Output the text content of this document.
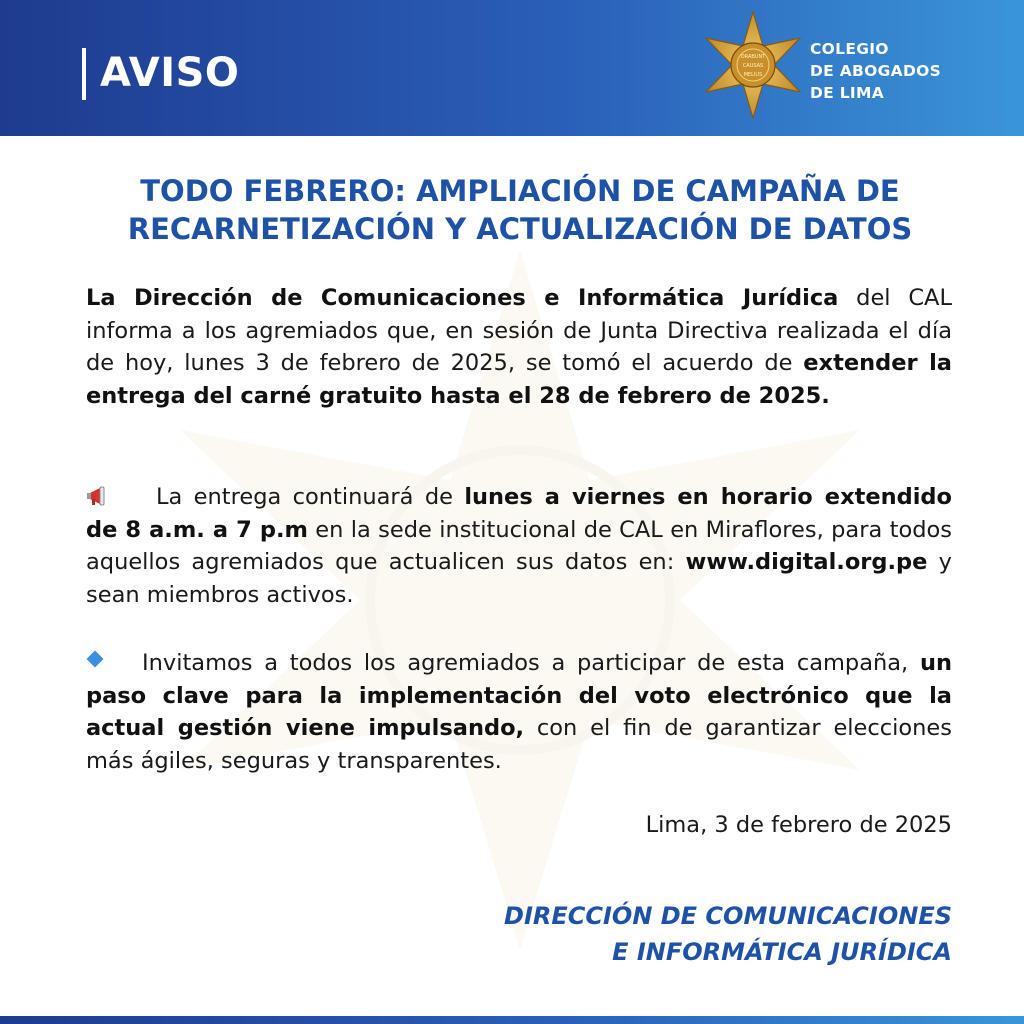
AVISO	ORABUNT
CAUSAS
MELIUS
COLEGIO
DE ABOGADOS
DE LIMA
TODO FEBRERO: AMPLIACIÓN DE CAMPAÑA DE
RECARNETIZACIÓN Y ACTUALIZACIÓN DE DATOS
La Dirección de Comunicaciones e Informática Jurídica del CAL informa a los agremiados que, en sesión de Junta Directiva realizada el día de hoy, lunes 3 de febrero de 2025, se tomó el acuerdo de extender la entrega del carné gratuito hasta el 28 de febrero de 2025.
La entrega continuará de lunes a viernes en horario extendido de 8 a.m. a 7 p.m en la sede institucional de CAL en Miraflores, para todos aquellos agremiados que actualicen sus datos en: www.digital.org.pe y sean miembros activos.
Invitamos a todos los agremiados a participar de esta campaña, un paso clave para la implementación del voto electrónico que la actual gestión viene impulsando, con el fin de garantizar elecciones más ágiles, seguras y transparentes.
Lima, 3 de febrero de 2025
DIRECCIÓN DE COMUNICACIONES
E INFORMÁTICA JURÍDICA
